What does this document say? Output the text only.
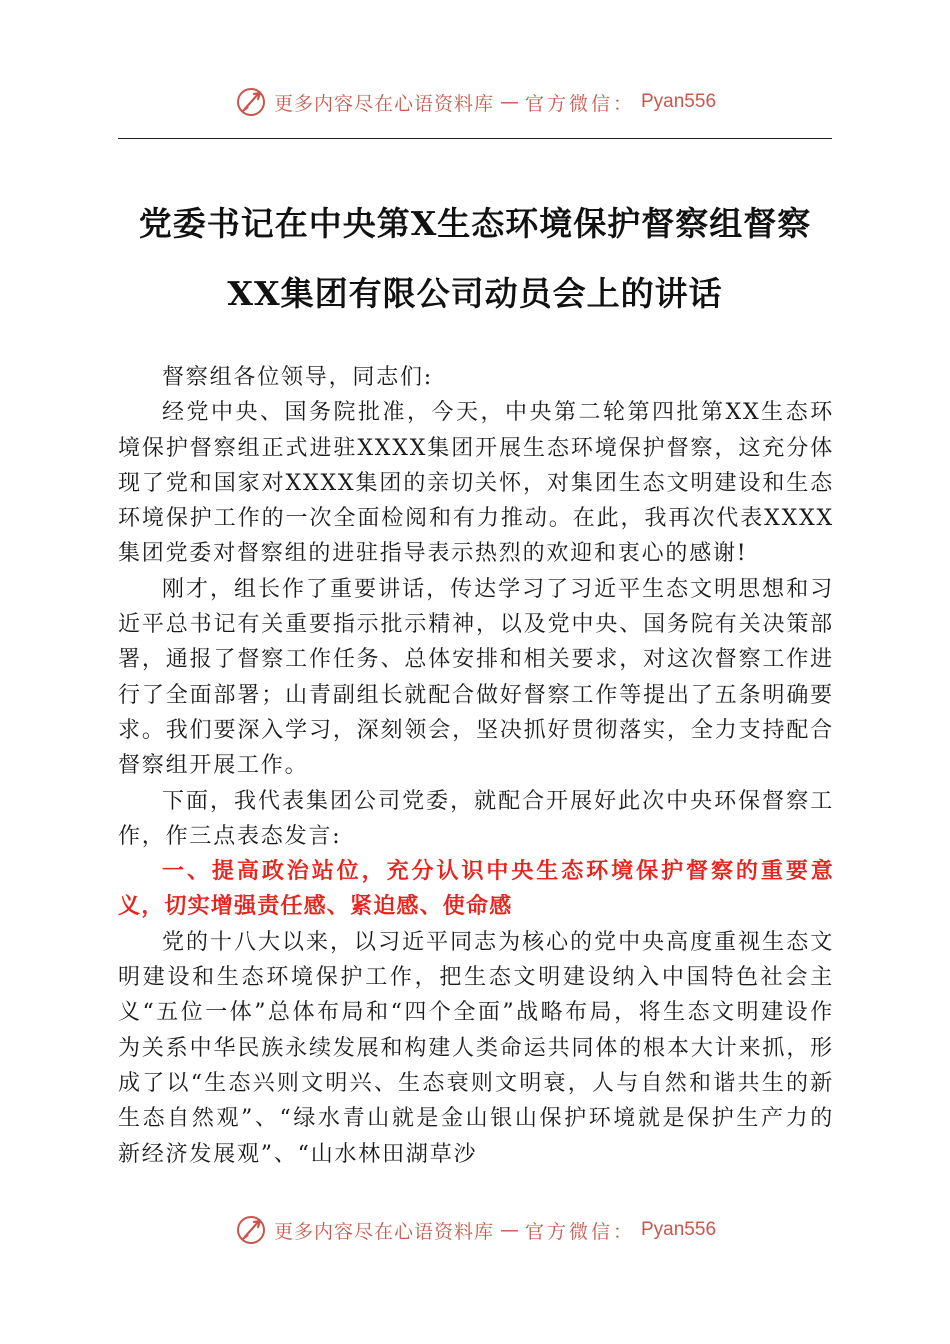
更多内容尽在心语资料库 — 官方微信： Pyan556
党委书记在中央第X生态环境保护督察组督察
XX集团有限公司动员会上的讲话

督察组各位领导，同志们:

经党中央、国务院批准，今天，中央第二轮第四批第XX生态环境保护督察组正式进驻XXXX集团开展生态环境保护督察，这充分体现了党和国家对XXXX集团的亲切关怀，对集团生态文明建设和生态环境保护工作的一次全面检阅和有力推动。在此，我再次代表XXXX集团党委对督察组的进驻指导表示热烈的欢迎和衷心的感谢!

刚才，组长作了重要讲话，传达学习了习近平生态文明思想和习近平总书记有关重要指示批示精神，以及党中央、国务院有关决策部署，通报了督察工作任务、总体安排和相关要求，对这次督察工作进行了全面部署；山青副组长就配合做好督察工作等提出了五条明确要求。我们要深入学习，深刻领会，坚决抓好贯彻落实，全力支持配合督察组开展工作。

下面，我代表集团公司党委，就配合开展好此次中央环保督察工作，作三点表态发言:

一、提高政治站位，充分认识中央生态环境保护督察的重要意义，切实增强责任感、紧迫感、使命感

党的十八大以来，以习近平同志为核心的党中央高度重视生态文明建设和生态环境保护工作，把生态文明建设纳入中国特色社会主义“五位一体”总体布局和“四个全面”战略布局，将生态文明建设作为关系中华民族永续发展和构建人类命运共同体的根本大计来抓，形成了以“生态兴则文明兴、生态衰则文明衰，人与自然和谐共生的新生态自然观”、“绿水青山就是金山银山保护环境就是保护生产力的新经济发展观”、“山水林田湖草沙

更多内容尽在心语资料库 — 官方微信： Pyan556
